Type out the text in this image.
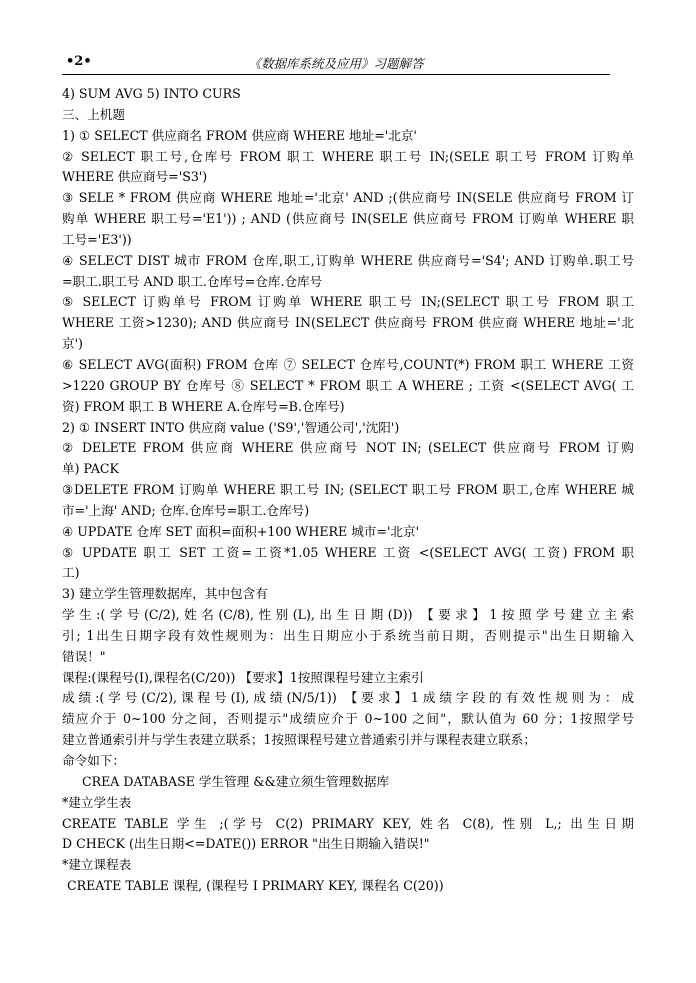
•2•	《数据库系统及应用》习题解答
4) SUM AVG 5) INTO CURS
三、上机题
1) ① SELECT 供应商名 FROM 供应商 WHERE 地址='北京'
② SELECT 职工号,仓库号 FROM 职工 WHERE 职工号 IN;(SELE 职工号 FROM 订购单
WHERE 供应商号='S3')
③ SELE * FROM 供应商 WHERE 地址='北京' AND ;(供应商号 IN(SELE 供应商号 FROM 订
购单 WHERE 职工号='E1')) ; AND (供应商号 IN(SELE 供应商号 FROM 订购单 WHERE 职
工号='E3'))
④ SELECT DIST 城市 FROM 仓库,职工,订购单 WHERE 供应商号='S4'; AND 订购单.职工号
=职工.职工号 AND 职工.仓库号=仓库.仓库号
⑤ SELECT 订购单号 FROM 订购单 WHERE 职工号 IN;(SELECT 职工号 FROM 职工
WHERE 工资>1230); AND 供应商号 IN(SELECT 供应商号 FROM 供应商 WHERE 地址='北
京')
⑥ SELECT AVG(面积) FROM 仓库 ⑦ SELECT 仓库号,COUNT(*) FROM 职工 WHERE 工资
>1220 GROUP BY 仓库号 ⑧ SELECT * FROM 职工 A WHERE ; 工资 <(SELECT AVG( 工
资) FROM 职工 B WHERE A.仓库号=B.仓库号)
2) ① INSERT INTO 供应商 value ('S9','智通公司','沈阳')
② DELETE FROM 供应商 WHERE 供应商号 NOT IN; (SELECT 供应商号 FROM 订购
单) PACK
③DELETE FROM 订购单 WHERE 职工号 IN; (SELECT 职工号 FROM 职工,仓库 WHERE 城
市='上海' AND; 仓库.仓库号=职工.仓库号)
④ UPDATE 仓库 SET 面积=面积+100 WHERE 城市='北京'
⑤ UPDATE 职工 SET 工资=工资*1.05 WHERE 工资 <(SELECT AVG( 工资) FROM 职
工)
3) 建立学生管理数据库，其中包含有
学生:(学号(C/2),姓名(C/8),性别(L),出生日期(D)) 【要求】1按照学号建立主索
引; 1出生日期字段有效性规则为：出生日期应小于系统当前日期，否则提示"出生日期输入
错误！"
课程:(课程号(I),课程名(C/20)) 【要求】1按照课程号建立主索引
成绩:(学号(C/2),课程号(I),成绩(N/5/1)) 【要求】1成绩字段的有效性规则为：成
绩应介于 0~100 分之间，否则提示"成绩应介于 0~100 之间"，默认值为 60 分；1按照学号
建立普通索引并与学生表建立联系；1按照课程号建立普通索引并与课程表建立联系；
命令如下：
CREA DATABASE 学生管理 &&建立须生管理数据库
*建立学生表
CREATE TABLE 学生 ;(学号 C(2) PRIMARY KEY, 姓名 C(8), 性别 L,; 出生日期
D CHECK (出生日期<=DATE()) ERROR "出生日期输入错误!"
*建立课程表
CREATE TABLE 课程, (课程号 I PRIMARY KEY, 课程名 C(20))
